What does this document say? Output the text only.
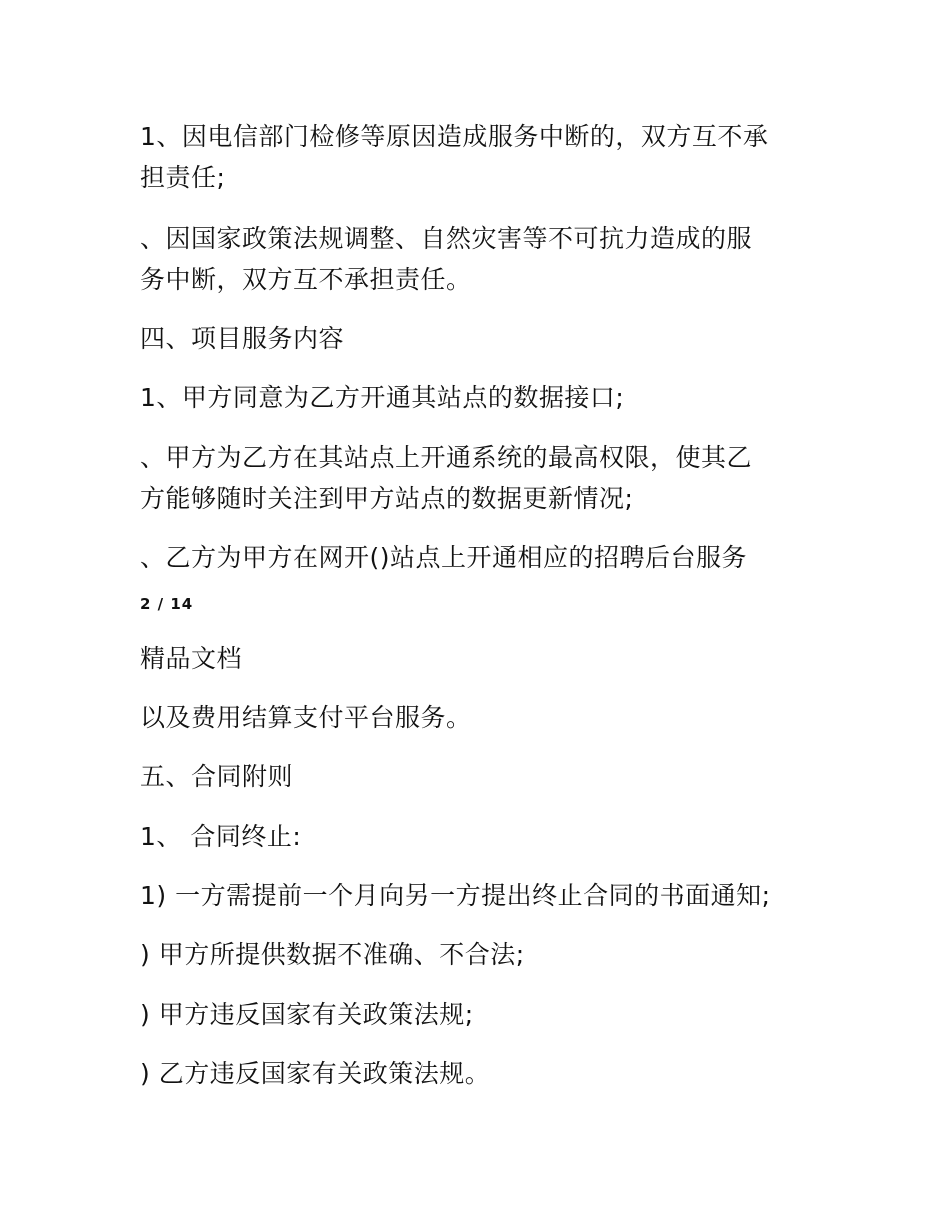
1、因电信部门检修等原因造成服务中断的，双方互不承
担责任;
、因国家政策法规调整、自然灾害等不可抗力造成的服
务中断，双方互不承担责任。
四、项目服务内容
1、甲方同意为乙方开通其站点的数据接口;
、甲方为乙方在其站点上开通系统的最高权限，使其乙
方能够随时关注到甲方站点的数据更新情况;
、乙方为甲方在网开()站点上开通相应的招聘后台服务
2 / 14
精品文档
以及费用结算支付平台服务。
五、合同附则
1、 合同终止:
1) 一方需提前一个月向另一方提出终止合同的书面通知;
) 甲方所提供数据不准确、不合法;
) 甲方违反国家有关政策法规;
) 乙方违反国家有关政策法规。
